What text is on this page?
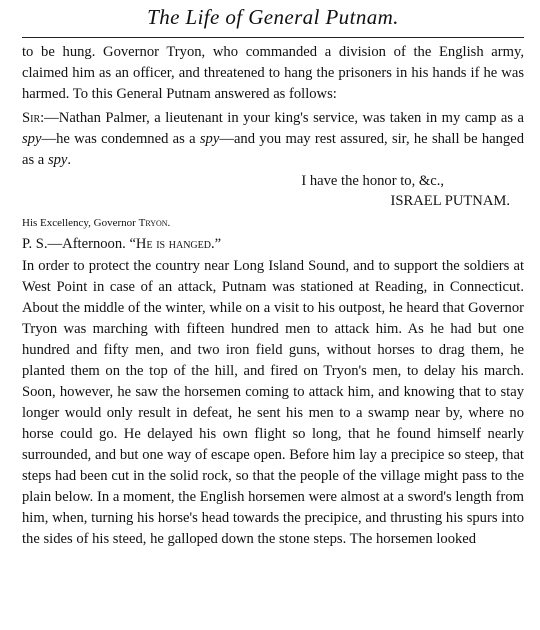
The Life of General Putnam.

to be hung. Governor Tryon, who commanded a division of the English army, claimed him as an officer, and threatened to hang the prisoners in his hands if he was harmed. To this General Putnam answered as follows:

Sir:—Nathan Palmer, a lieutenant in your king's service, was taken in my camp as a spy—he was condemned as a spy—and you may rest assured, sir, he shall be hanged as a spy.

I have the honor to, &c.,

ISRAEL PUTNAM.

His Excellency, Governor Tryon.

P. S.—Afternoon. “He is hanged.”

In order to protect the country near Long Island Sound, and to support the soldiers at West Point in case of an attack, Putnam was stationed at Reading, in Connecticut. About the middle of the winter, while on a visit to his outpost, he heard that Governor Tryon was marching with fifteen hundred men to attack him. As he had but one hundred and fifty men, and two iron field guns, without horses to drag them, he planted them on the top of the hill, and fired on Tryon's men, to delay his march. Soon, however, he saw the horsemen coming to attack him, and knowing that to stay longer would only result in defeat, he sent his men to a swamp near by, where no horse could go. He delayed his own flight so long, that he found himself nearly surrounded, and but one way of escape open. Before him lay a precipice so steep, that steps had been cut in the solid rock, so that the people of the village might pass to the plain below. In a moment, the English horsemen were almost at a sword's length from him, when, turning his horse's head towards the precipice, and thrusting his spurs into the sides of his steed, he galloped down the stone steps. The horsemen looked
